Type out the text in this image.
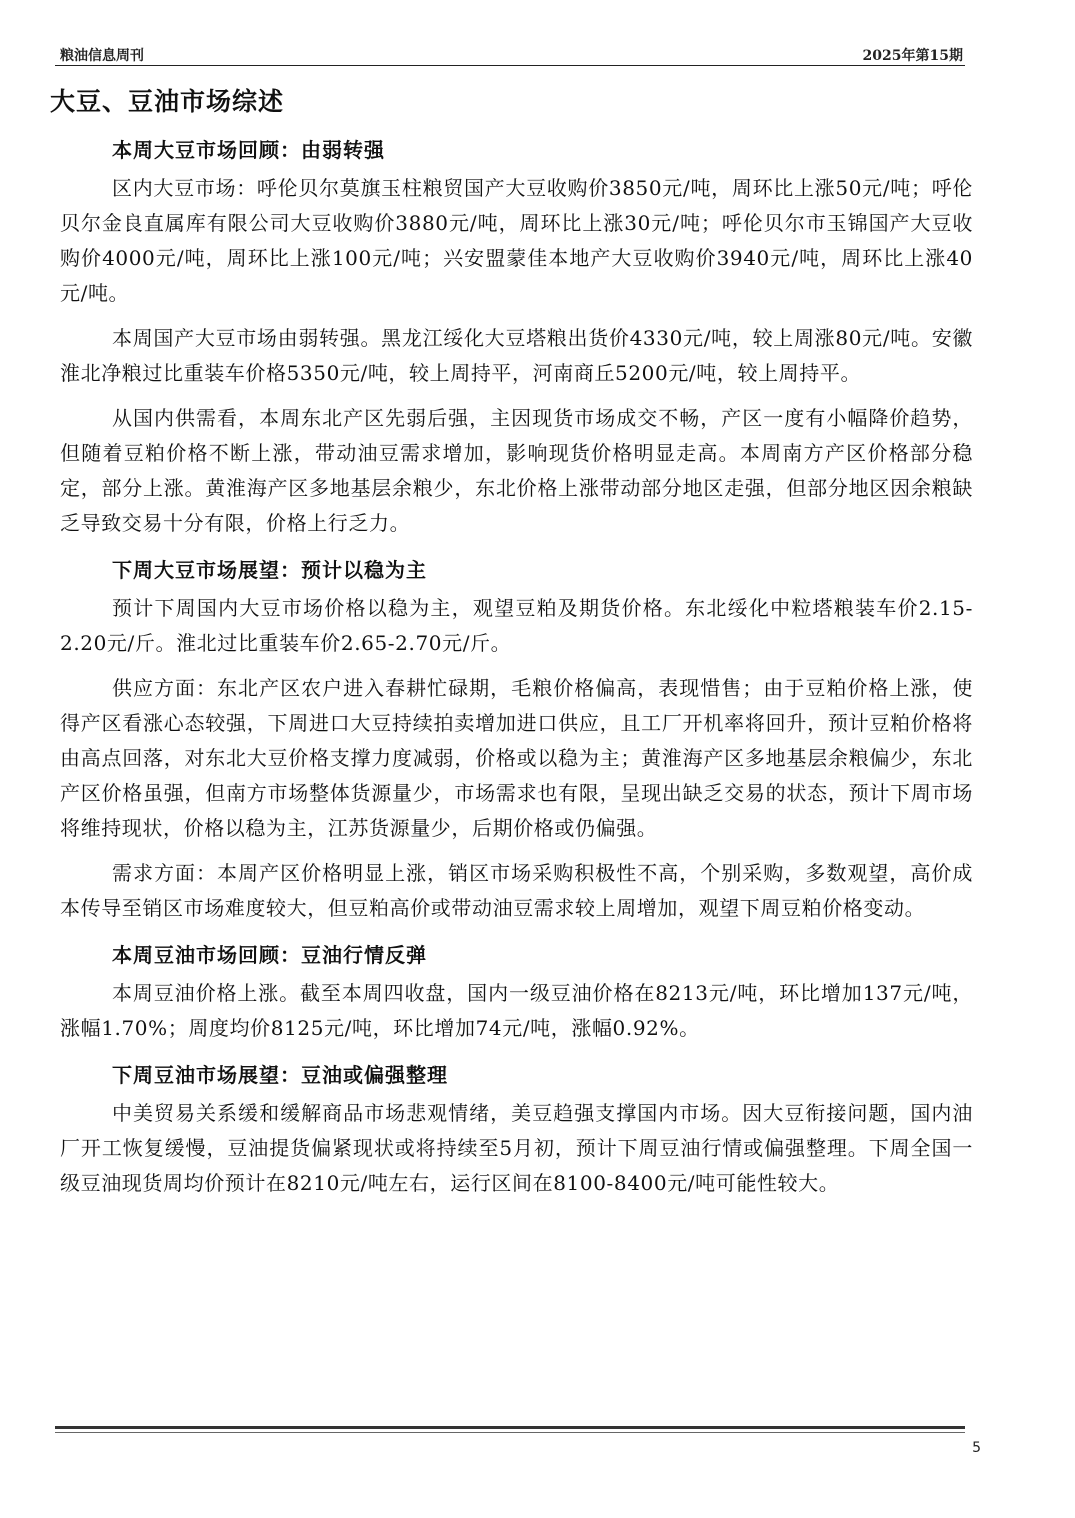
粮油信息周刊	2025年第15期
大豆、豆油市场综述
本周大豆市场回顾：由弱转强

区内大豆市场：呼伦贝尔莫旗玉柱粮贸国产大豆收购价3850元/吨，周环比上涨50元/吨；呼伦贝尔金良直属库有限公司大豆收购价3880元/吨，周环比上涨30元/吨；呼伦贝尔市玉锦国产大豆收购价4000元/吨，周环比上涨100元/吨；兴安盟蒙佳本地产大豆收购价3940元/吨，周环比上涨40元/吨。

本周国产大豆市场由弱转强。黑龙江绥化大豆塔粮出货价4330元/吨，较上周涨80元/吨。安徽淮北净粮过比重装车价格5350元/吨，较上周持平，河南商丘5200元/吨，较上周持平。

从国内供需看，本周东北产区先弱后强，主因现货市场成交不畅，产区一度有小幅降价趋势，但随着豆粕价格不断上涨，带动油豆需求增加，影响现货价格明显走高。本周南方产区价格部分稳定，部分上涨。黄淮海产区多地基层余粮少，东北价格上涨带动部分地区走强，但部分地区因余粮缺乏导致交易十分有限，价格上行乏力。

下周大豆市场展望：预计以稳为主

预计下周国内大豆市场价格以稳为主，观望豆粕及期货价格。东北绥化中粒塔粮装车价2.15-2.20元/斤。淮北过比重装车价2.65-2.70元/斤。

供应方面：东北产区农户进入春耕忙碌期，毛粮价格偏高，表现惜售；由于豆粕价格上涨，使得产区看涨心态较强，下周进口大豆持续拍卖增加进口供应，且工厂开机率将回升，预计豆粕价格将由高点回落，对东北大豆价格支撑力度减弱，价格或以稳为主；黄淮海产区多地基层余粮偏少，东北产区价格虽强，但南方市场整体货源量少，市场需求也有限，呈现出缺乏交易的状态，预计下周市场将维持现状，价格以稳为主，江苏货源量少，后期价格或仍偏强。

需求方面：本周产区价格明显上涨，销区市场采购积极性不高，个别采购，多数观望，高价成本传导至销区市场难度较大，但豆粕高价或带动油豆需求较上周增加，观望下周豆粕价格变动。

本周豆油市场回顾：豆油行情反弹

本周豆油价格上涨。截至本周四收盘，国内一级豆油价格在8213元/吨，环比增加137元/吨，涨幅1.70%；周度均价8125元/吨，环比增加74元/吨，涨幅0.92%。

下周豆油市场展望：豆油或偏强整理

中美贸易关系缓和缓解商品市场悲观情绪，美豆趋强支撑国内市场。因大豆衔接问题，国内油厂开工恢复缓慢，豆油提货偏紧现状或将持续至5月初，预计下周豆油行情或偏强整理。下周全国一级豆油现货周均价预计在8210元/吨左右，运行区间在8100-8400元/吨可能性较大。

5
